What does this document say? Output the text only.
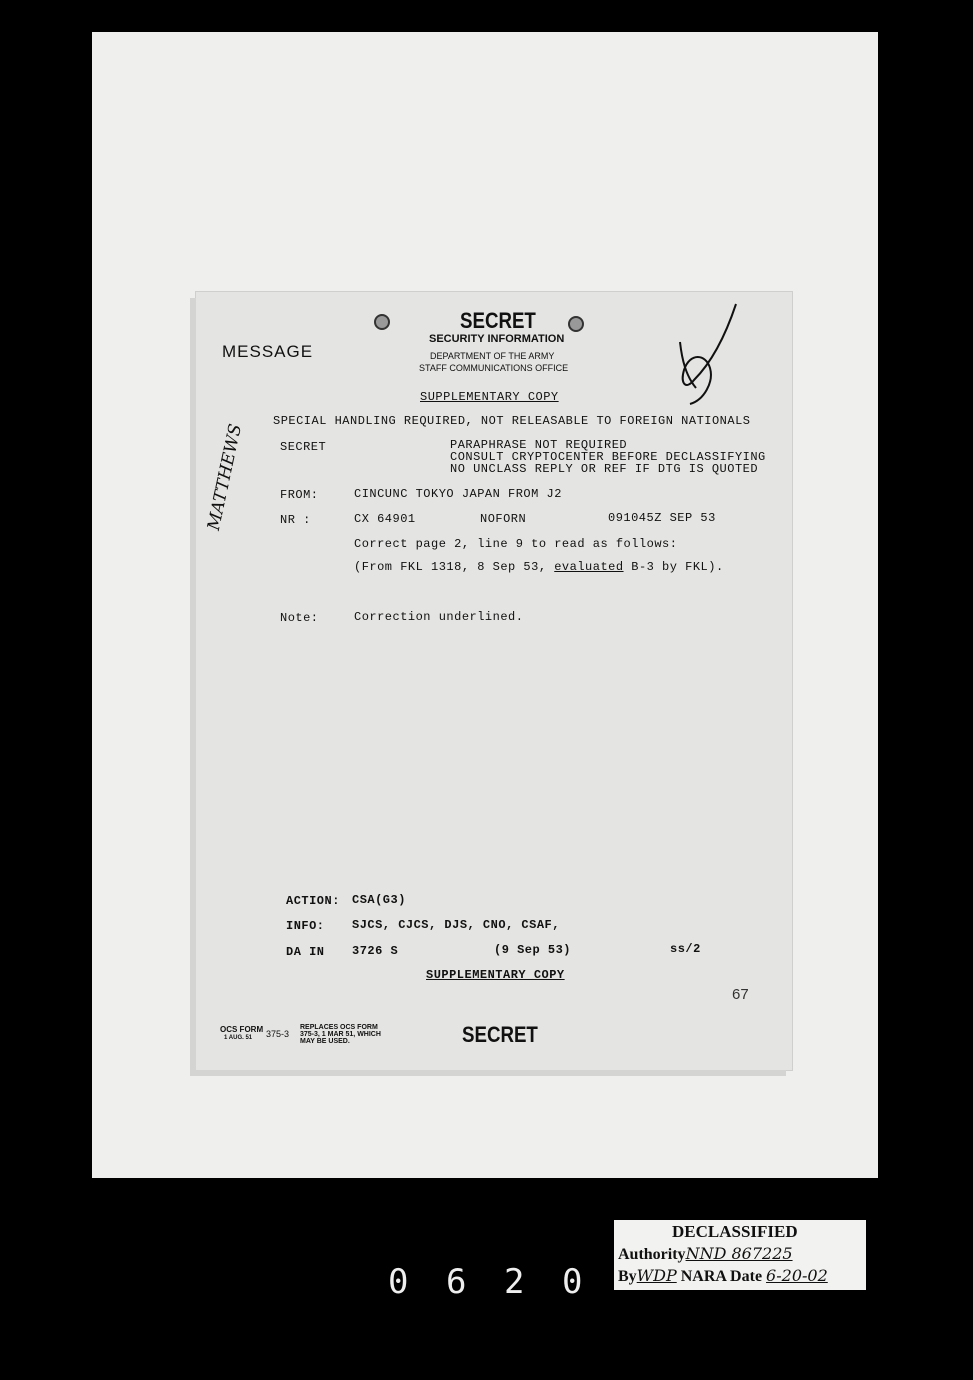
MESSAGE
SECRET
SECURITY INFORMATION
DEPARTMENT OF THE ARMY
STAFF COMMUNICATIONS OFFICE
SUPPLEMENTARY COPY
SPECIAL HANDLING REQUIRED, NOT RELEASABLE TO FOREIGN NATIONALS
SECRET	PARAPHRASE NOT REQUIRED
CONSULT CRYPTOCENTER BEFORE DECLASSIFYING
NO UNCLASS REPLY OR REF IF DTG IS QUOTED
FROM:	CINCUNC TOKYO JAPAN FROM J2
NR :	CX 64901	NOFORN	091045Z SEP 53
Correct page 2, line 9 to read as follows:
(From FKL 1318, 8 Sep 53, evaluated B-3 by FKL).
Note:	Correction underlined.
ACTION: CSA(G3)
INFO: SJCS, CJCS, DJS, CNO, CSAF,
DA IN 3726 S	(9 Sep 53)	ss/2
SUPPLEMENTARY COPY
67
OCS FORM
1 AUG. 51	375-3
REPLACES OCS FORM
375-3, 1 MAR 51, WHICH
MAY BE USED.	SECRET
MATTHEWS
DECLASSIFIED
AuthorityNND 867225
ByWDP NARA Date 6-20-02
0 6 2 0
